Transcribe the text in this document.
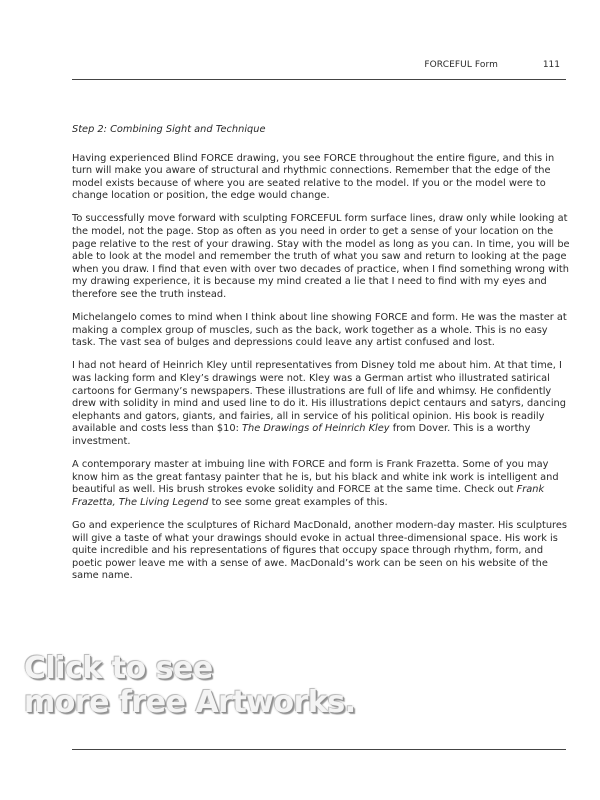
FORCEFUL Form	111
Step 2: Combining Sight and Technique

Having experienced Blind FORCE drawing, you see FORCE throughout the entire figure, and this in turn will make you aware of structural and rhythmic connections. Remember that the edge of the model exists because of where you are seated relative to the model. If you or the model were to change location or position, the edge would change.

To successfully move forward with sculpting FORCEFUL form surface lines, draw only while looking at the model, not the page. Stop as often as you need in order to get a sense of your location on the page relative to the rest of your drawing. Stay with the model as long as you can. In time, you will be able to look at the model and remember the truth of what you saw and return to looking at the page when you draw. I find that even with over two decades of practice, when I find something wrong with my drawing experience, it is because my mind created a lie that I need to find with my eyes and therefore see the truth instead.

Michelangelo comes to mind when I think about line showing FORCE and form. He was the master at making a complex group of muscles, such as the back, work together as a whole. This is no easy task. The vast sea of bulges and depressions could leave any artist confused and lost.

I had not heard of Heinrich Kley until representatives from Disney told me about him. At that time, I was lacking form and Kley’s drawings were not. Kley was a German artist who illustrated satirical cartoons for Germany’s newspapers. These illustrations are full of life and whimsy. He confidently drew with solidity in mind and used line to do it. His illustrations depict centaurs and satyrs, dancing elephants and gators, giants, and fairies, all in service of his political opinion. His book is readily available and costs less than $10: The Drawings of Heinrich Kley from Dover. This is a worthy investment.

A contemporary master at imbuing line with FORCE and form is Frank Frazetta. Some of you may know him as the great fantasy painter that he is, but his black and white ink work is intelligent and beautiful as well. His brush strokes evoke solidity and FORCE at the same time. Check out Frank Frazetta, The Living Legend to see some great examples of this.

Go and experience the sculptures of Richard MacDonald, another modern-day master. His sculptures will give a taste of what your drawings should evoke in actual three-dimensional space. His work is quite incredible and his representations of figures that occupy space through rhythm, form, and poetic power leave me with a sense of awe. MacDonald’s work can be seen on his website of the same name.

Click to see
more free Artworks.
